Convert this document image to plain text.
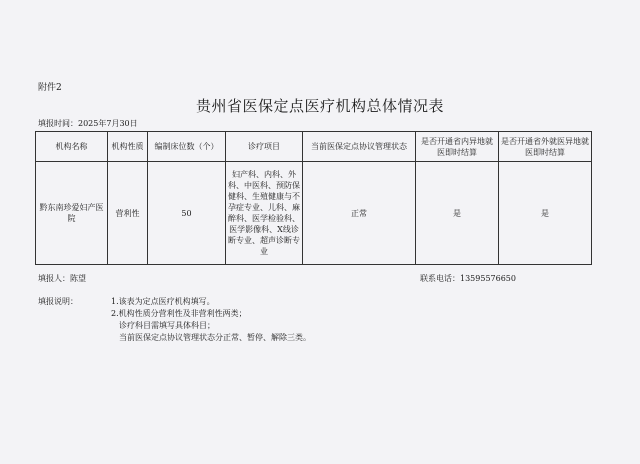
附件2
贵州省医保定点医疗机构总体情况表
填报时间：2025年7月30日
机构名称	机构性质	编制床位数（个）	诊疗项目	当前医保定点协议管理状态	是否开通省内异地就医即时结算	是否开通省外就医异地就医即时结算
黔东南珍爱妇产医院	营利性	50	妇产科、内科、外科、中医科、预防保健科、生殖健康与不孕症专业、儿科、麻醉科、医学检验科、医学影像科、X线诊断专业、超声诊断专业	正常	是	是
填报人：陈望	联系电话：13595576650
填报说明：	1.该表为定点医疗机构填写。
2.机构性质分营利性及非营利性两类；
诊疗科目需填写具体科目；
当前医保定点协议管理状态分正常、暂停、解除三类。
